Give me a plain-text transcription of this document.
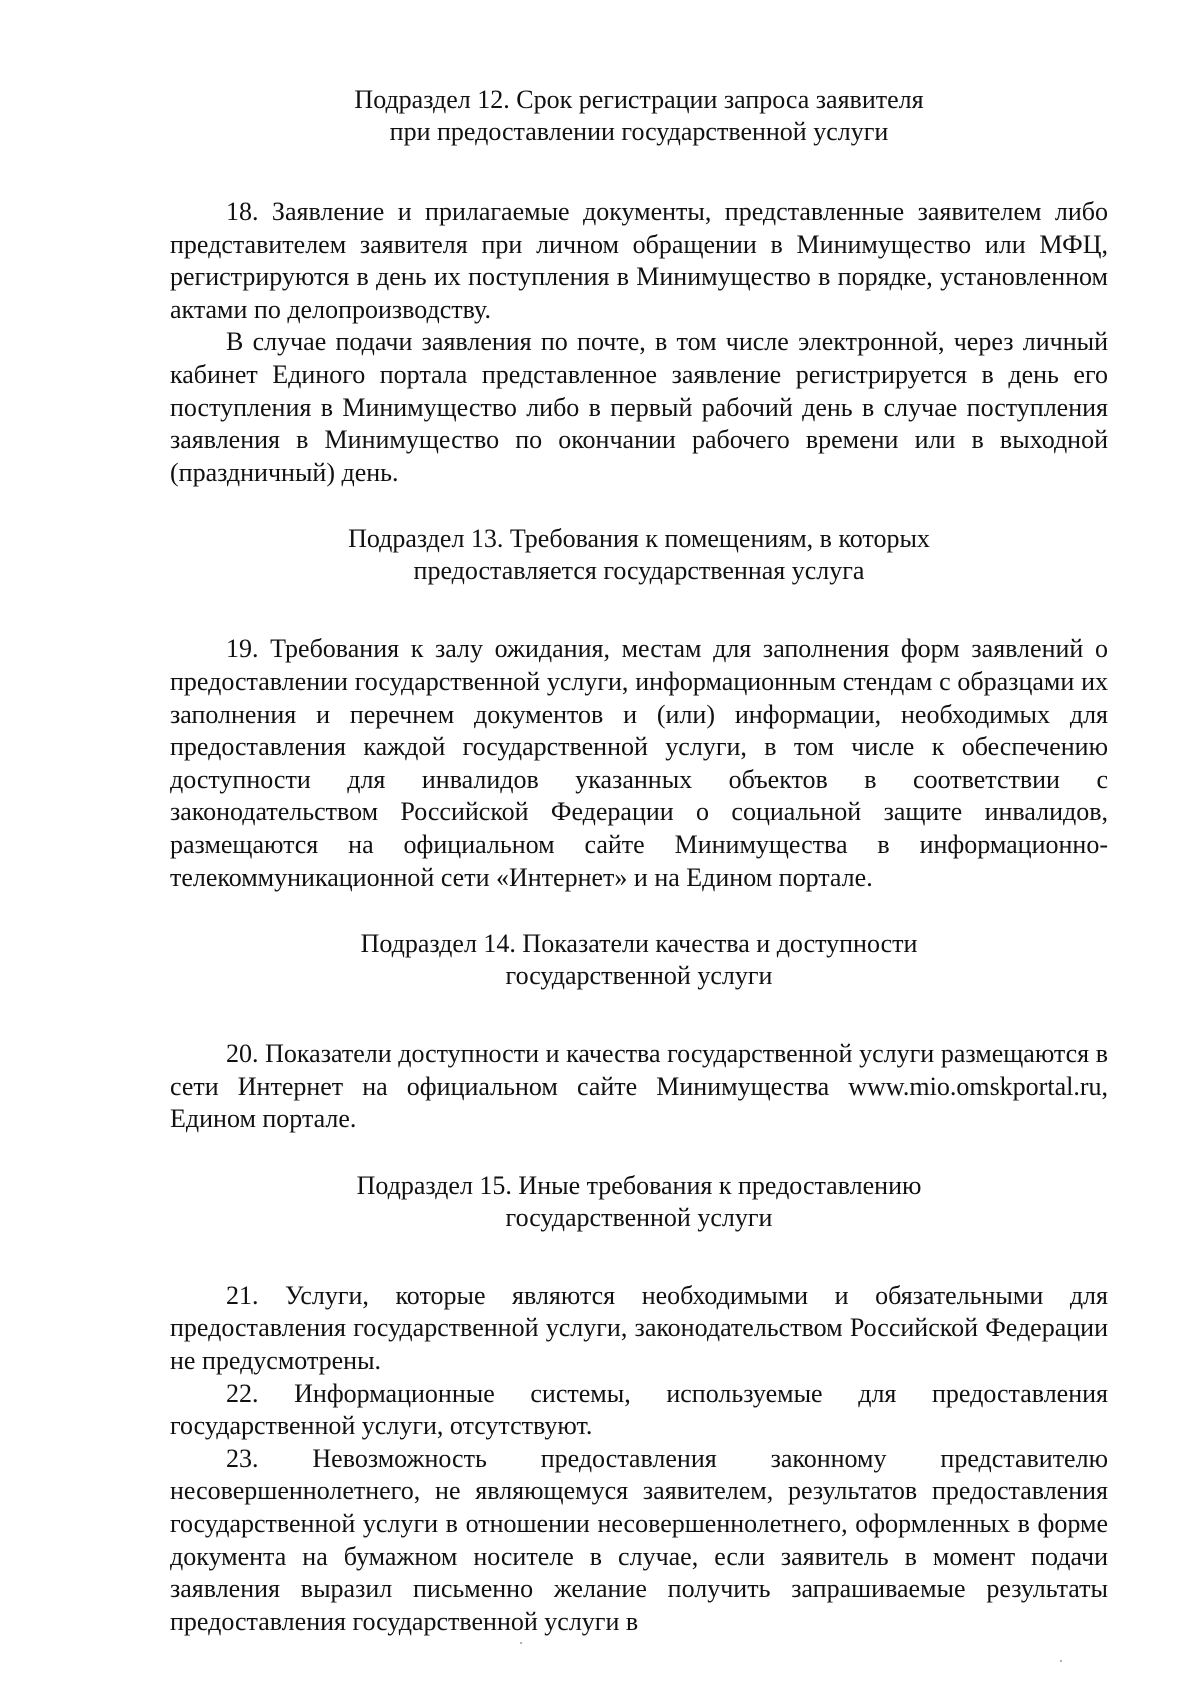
Подраздел 12. Срок регистрации запроса заявителя
при предоставлении государственной услуги

18. Заявление и прилагаемые документы, представленные заявителем либо представителем заявителя при личном обращении в Минимущество или МФЦ, регистрируются в день их поступления в Минимущество в порядке, установленном актами по делопроизводству.

В случае подачи заявления по почте, в том числе электронной, через личный кабинет Единого портала представленное заявление регистрируется в день его поступления в Минимущество либо в первый рабочий день в случае поступления заявления в Минимущество по окончании рабочего времени или в выходной (праздничный) день.

Подраздел 13. Требования к помещениям, в которых
предоставляется государственная услуга

19. Требования к залу ожидания, местам для заполнения форм заявлений о предоставлении государственной услуги, информационным стендам с образцами их заполнения и перечнем документов и (или) информации, необходимых для предоставления каждой государственной услуги, в том числе к обеспечению доступности для инвалидов указанных объектов в соответствии с законодательством Российской Федерации о социальной защите инвалидов, размещаются на официальном сайте Минимущества в информационно-телекоммуникационной сети «Интернет» и на Едином портале.

Подраздел 14. Показатели качества и доступности
государственной услуги

20. Показатели доступности и качества государственной услуги размещаются в сети Интернет на официальном сайте Минимущества www.mio.omskportal.ru, Едином портале.

Подраздел 15. Иные требования к предоставлению
государственной услуги

21. Услуги, которые являются необходимыми и обязательными для предоставления государственной услуги, законодательством Российской Федерации не предусмотрены.

22. Информационные системы, используемые для предоставления государственной услуги, отсутствуют.

23. Невозможность предоставления законному представителю несовершеннолетнего, не являющемуся заявителем, результатов предоставления государственной услуги в отношении несовершеннолетнего, оформленных в форме документа на бумажном носителе в случае, если заявитель в момент подачи заявления выразил письменно желание получить запрашиваемые результаты предоставления государственной услуги в
